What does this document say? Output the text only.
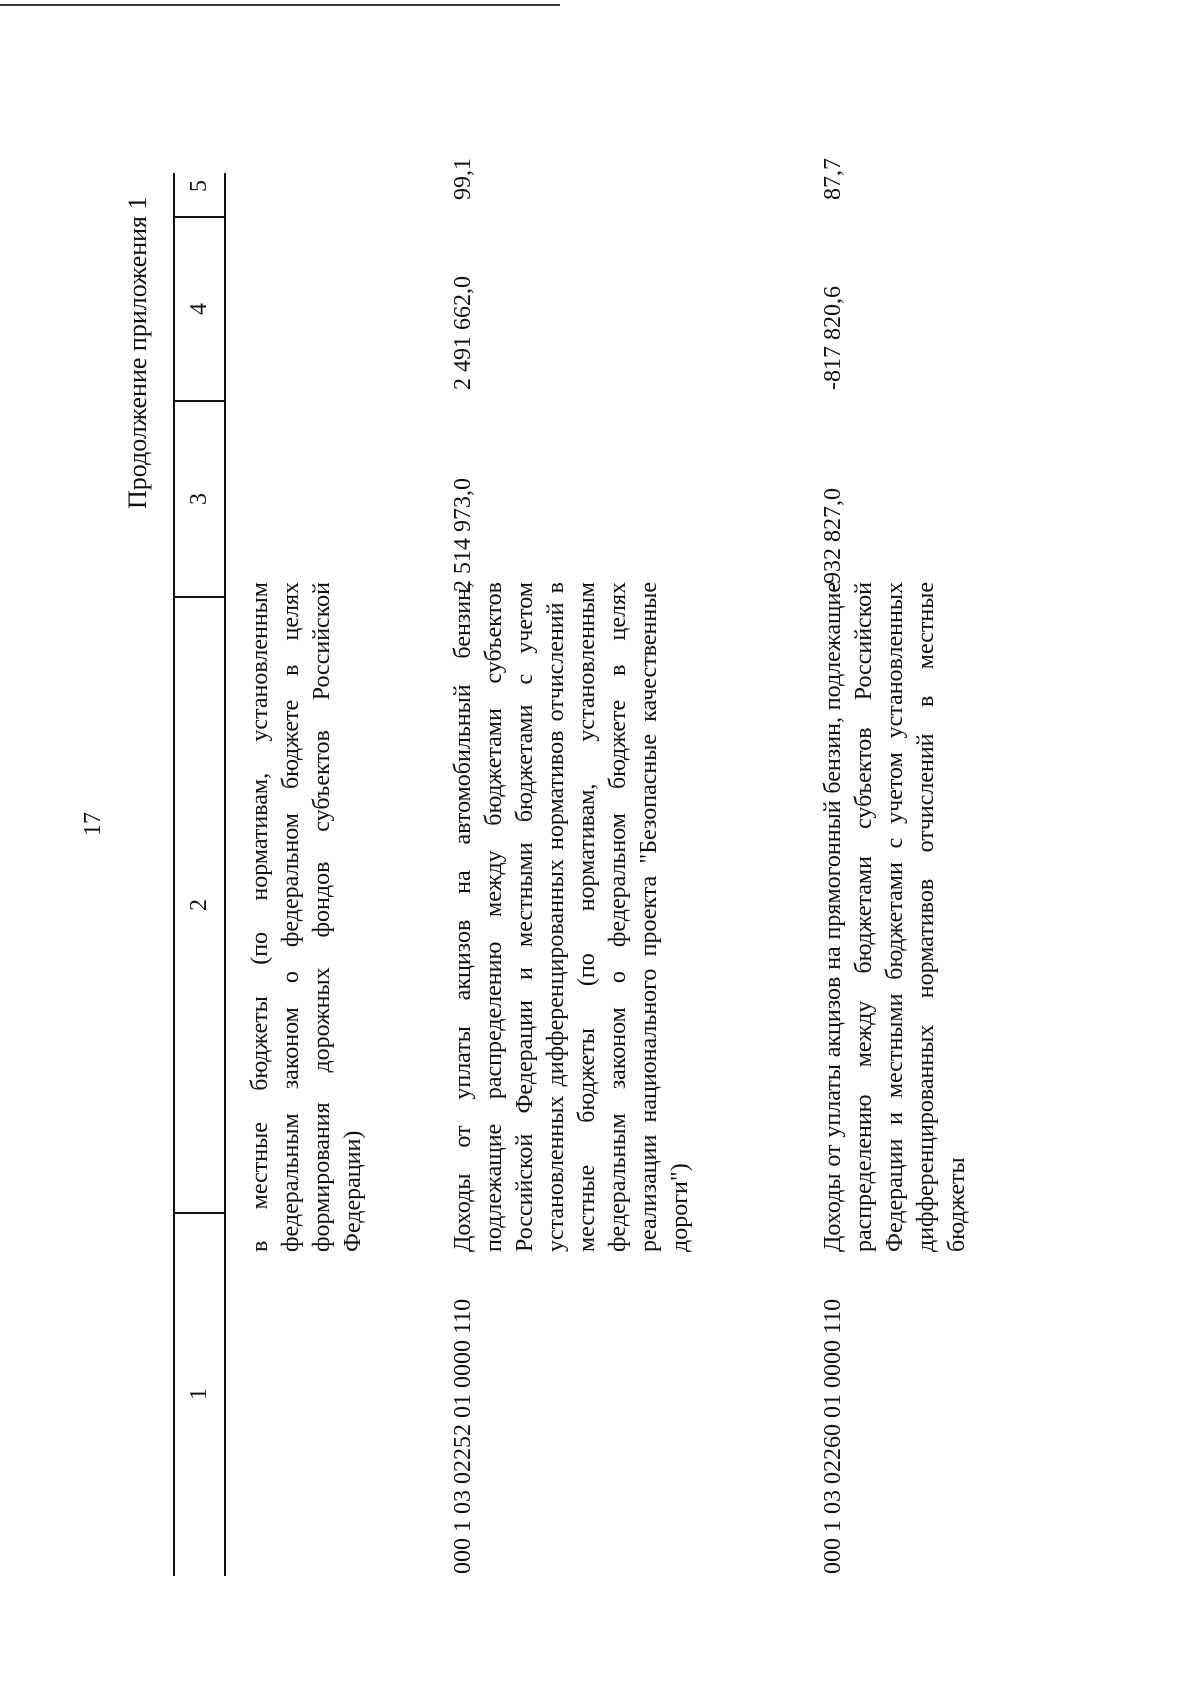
17
Продолжение приложения 1
1
2
3
4
5
в местные бюджеты (по нормативам, установленным федеральным законом о федеральном бюджете в целях формирования дорожных фондов субъектов Российской Федерации)
000 1 03 02252 01 0000 110
Доходы от уплаты акцизов на автомобильный бензин, подлежащие распределению между бюджетами субъектов Российской Федерации и местными бюджетами с учетом установленных дифференцированных нормативов отчислений в местные бюджеты (по нормативам, установленным федеральным законом о федеральном бюджете в целях реализации национального проекта "Безопасные качественные дороги")
2 514 973,0
2 491 662,0
99,1
000 1 03 02260 01 0000 110
Доходы от уплаты акцизов на прямогонный бензин, подлежащие распределению между бюджетами субъектов Российской Федерации и местными бюджетами с учетом установленных дифференцированных нормативов отчислений в местные бюджеты
-932 827,0
-817 820,6
87,7
